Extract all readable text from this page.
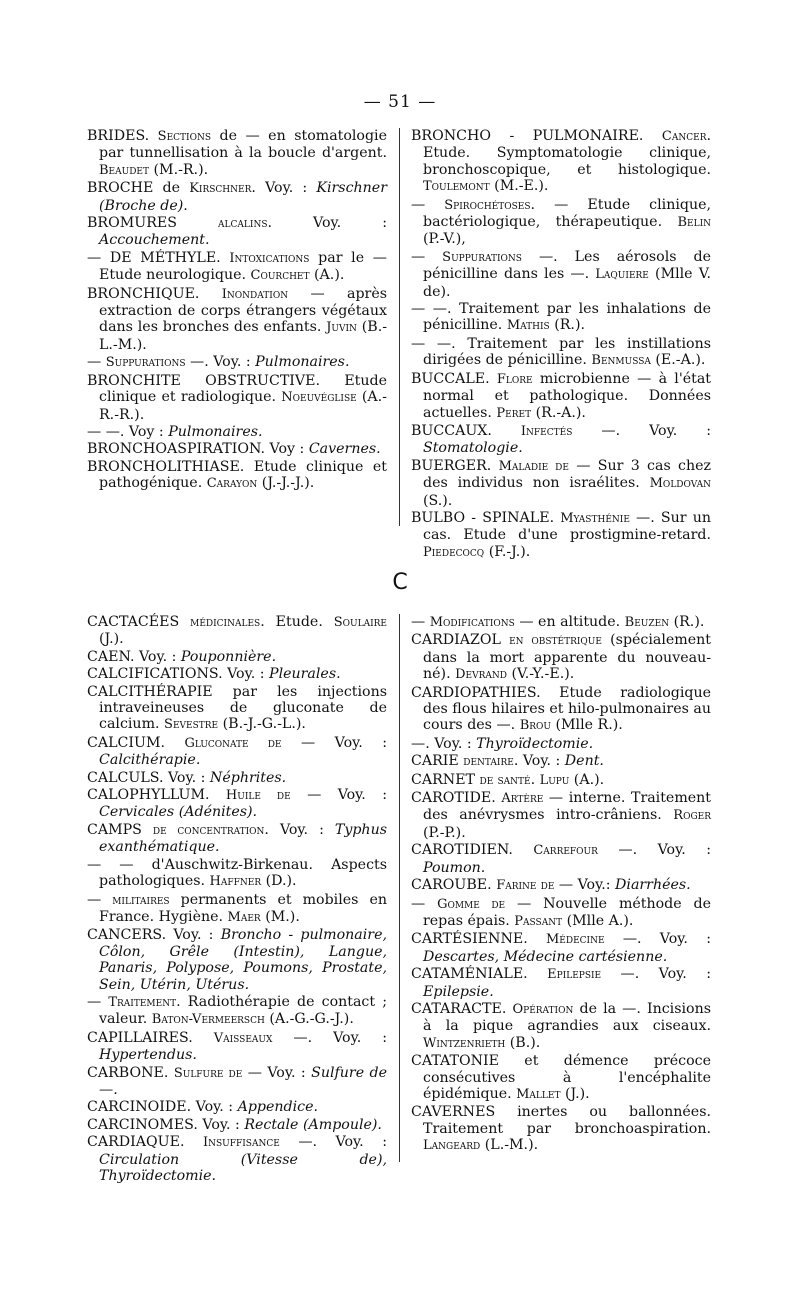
— 51 —

BRIDES. Sections de — en stomatologie par tunnellisation à la boucle d'argent. Beaudet (M.-R.).

BROCHE de Kirschner. Voy. : Kirschner (Broche de).

BROMURES alcalins. Voy. : Accouchement.

— DE MÉTHYLE. Intoxications par le — Etude neurologique. Courchet (A.).

BRONCHIQUE. Inondation — après extraction de corps étrangers végétaux dans les bronches des enfants. Juvin (B.-L.-M.).

— Suppurations —. Voy. : Pulmonaires.

BRONCHITE OBSTRUCTIVE. Etude clinique et radiologique. Noeuvéglise (A.-R.-R.).

— —. Voy : Pulmonaires.

BRONCHOASPIRATION. Voy : Cavernes.

BRONCHOLITHIASE. Etude clinique et pathogénique. Carayon (J.-J.-J.).

BRONCHO - PULMONAIRE. Cancer. Etude. Symptomatologie clinique, bronchoscopique, et histologique. Toulemont (M.-E.).

— Spirochétoses. — Etude clinique, bactériologique, thérapeutique. Belin (P.-V.),

— Suppurations —. Les aérosols de pénicilline dans les —. Laquiere (Mlle V. de).

— —. Traitement par les inhalations de pénicilline. Mathis (R.).

— —. Traitement par les instillations dirigées de pénicilline. Benmussa (E.-A.).

BUCCALE. Flore microbienne — à l'état normal et pathologique. Données actuelles. Peret (R.-A.).

BUCCAUX. Infectés —. Voy. : Stomatologie.

BUERGER. Maladie de — Sur 3 cas chez des individus non israélites. Moldovan (S.).

BULBO - SPINALE. Myasthénie —. Sur un cas. Etude d'une prostigmine-retard. Piedecocq (F.-J.).

C

CACTACÉES médicinales. Etude. Soulaire (J.).

CAEN. Voy. : Pouponnière.

CALCIFICATIONS. Voy. : Pleurales.

CALCITHÉRAPIE par les injections intraveineuses de gluconate de calcium. Sevestre (B.-J.-G.-L.).

CALCIUM. Gluconate de — Voy. : Calcithérapie.

CALCULS. Voy. : Néphrites.

CALOPHYLLUM. Huile de — Voy. : Cervicales (Adénites).

CAMPS de concentration. Voy. : Typhus exanthématique.

— — d'Auschwitz-Birkenau. Aspects pathologiques. Haffner (D.).

— militaires permanents et mobiles en France. Hygiène. Maer (M.).

CANCERS. Voy. : Broncho - pulmonaire, Côlon, Grêle (Intestin), Langue, Panaris, Polypose, Poumons, Prostate, Sein, Utérin, Utérus.

— Traitement. Radiothérapie de contact ; valeur. Baton-Vermeersch (A.-G.-G.-J.).

CAPILLAIRES. Vaisseaux —. Voy. : Hypertendus.

CARBONE. Sulfure de — Voy. : Sulfure de —.

CARCINOIDE. Voy. : Appendice.

CARCINOMES. Voy. : Rectale (Ampoule).

CARDIAQUE. Insuffisance —. Voy. : Circulation (Vitesse de), Thyroïdectomie.

— Modifications — en altitude. Beuzen (R.).

CARDIAZOL en obstétrique (spécialement dans la mort apparente du nouveau-né). Devrand (V.-Y.-E.).

CARDIOPATHIES. Etude radiologique des flous hilaires et hilo-pulmonaires au cours des —. Brou (Mlle R.).

—. Voy. : Thyroïdectomie.

CARIE dentaire. Voy. : Dent.

CARNET de santé. Lupu (A.).

CAROTIDE. Artère — interne. Traitement des anévrysmes intro-crâniens. Roger (P.-P.).

CAROTIDIEN. Carrefour —. Voy. : Poumon.

CAROUBE. Farine de — Voy.: Diarrhées.

— Gomme de — Nouvelle méthode de repas épais. Passant (Mlle A.).

CARTÉSIENNE. Médecine —. Voy. : Descartes, Médecine cartésienne.

CATAMÉNIALE. Epilepsie —. Voy. : Epilepsie.

CATARACTE. Opération de la —. Incisions à la pique agrandies aux ciseaux. Wintzenrieth (B.).

CATATONIE et démence précoce consécutives à l'encéphalite épidémique. Mallet (J.).

CAVERNES inertes ou ballonnées. Traitement par bronchoaspiration. Langeard (L.-M.).
